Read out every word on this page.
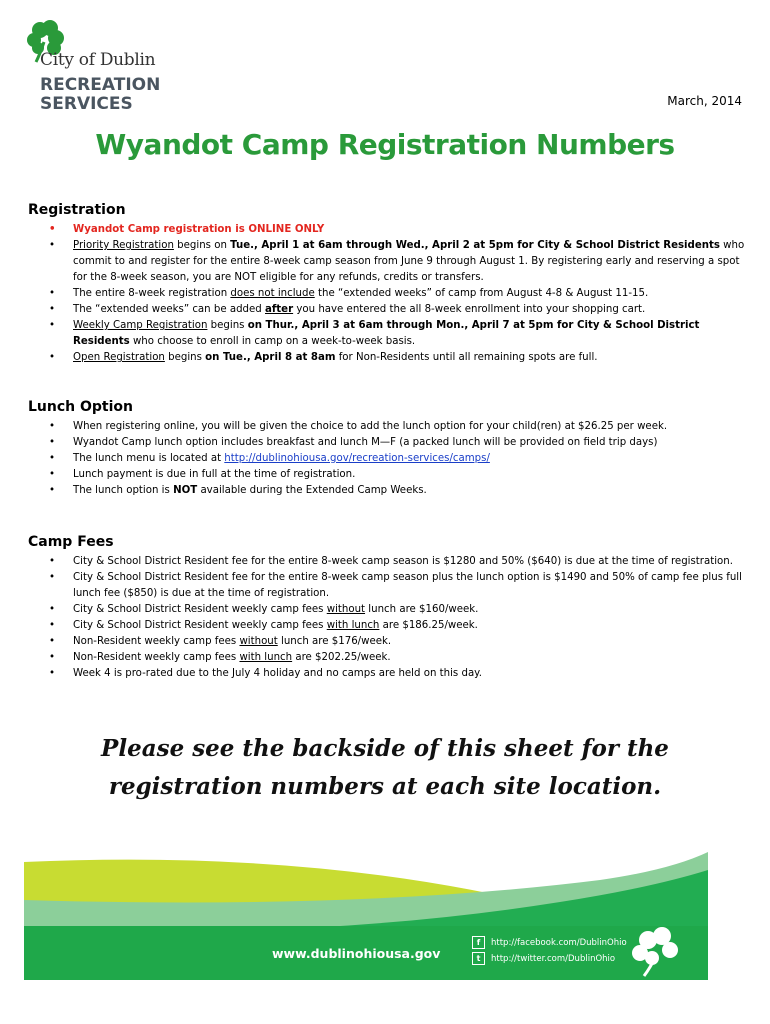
City of Dublin
RECREATION
SERVICES	March, 2014
Wyandot Camp Registration Numbers
Registration
• Wyandot Camp registration is ONLINE ONLY
• Priority Registration begins on Tue., April 1 at 6am through Wed., April 2 at 5pm for City & School District Residents who commit to and register for the entire 8-week camp season from June 9 through August 1. By registering early and reserving a spot for the 8-week season, you are NOT eligible for any refunds, credits or transfers.
• The entire 8-week registration does not include the “extended weeks” of camp from August 4-8 & August 11-15.
• The “extended weeks” can be added after you have entered the all 8-week enrollment into your shopping cart.
• Weekly Camp Registration begins on Thur., April 3 at 6am through Mon., April 7 at 5pm for City & School District Residents who choose to enroll in camp on a week-to-week basis.
• Open Registration begins on Tue., April 8 at 8am for Non-Residents until all remaining spots are full.
Lunch Option
• When registering online, you will be given the choice to add the lunch option for your child(ren) at $26.25 per week.
• Wyandot Camp lunch option includes breakfast and lunch M—F (a packed lunch will be provided on field trip days)
• The lunch menu is located at http://dublinohiousa.gov/recreation-services/camps/
• Lunch payment is due in full at the time of registration.
• The lunch option is NOT available during the Extended Camp Weeks.
Camp Fees
• City & School District Resident fee for the entire 8-week camp season is $1280 and 50% ($640) is due at the time of registration.
• City & School District Resident fee for the entire 8-week camp season plus the lunch option is $1490 and 50% of camp fee plus full lunch fee ($850) is due at the time of registration.
• City & School District Resident weekly camp fees without lunch are $160/week.
• City & School District Resident weekly camp fees with lunch are $186.25/week.
• Non-Resident weekly camp fees without lunch are $176/week.
• Non-Resident weekly camp fees with lunch are $202.25/week.
• Week 4 is pro-rated due to the July 4 holiday and no camps are held on this day.
Please see the backside of this sheet for the
registration numbers at each site location.
www.dublinohiousa.gov
f http://facebook.com/DublinOhio
t http://twitter.com/DublinOhio
